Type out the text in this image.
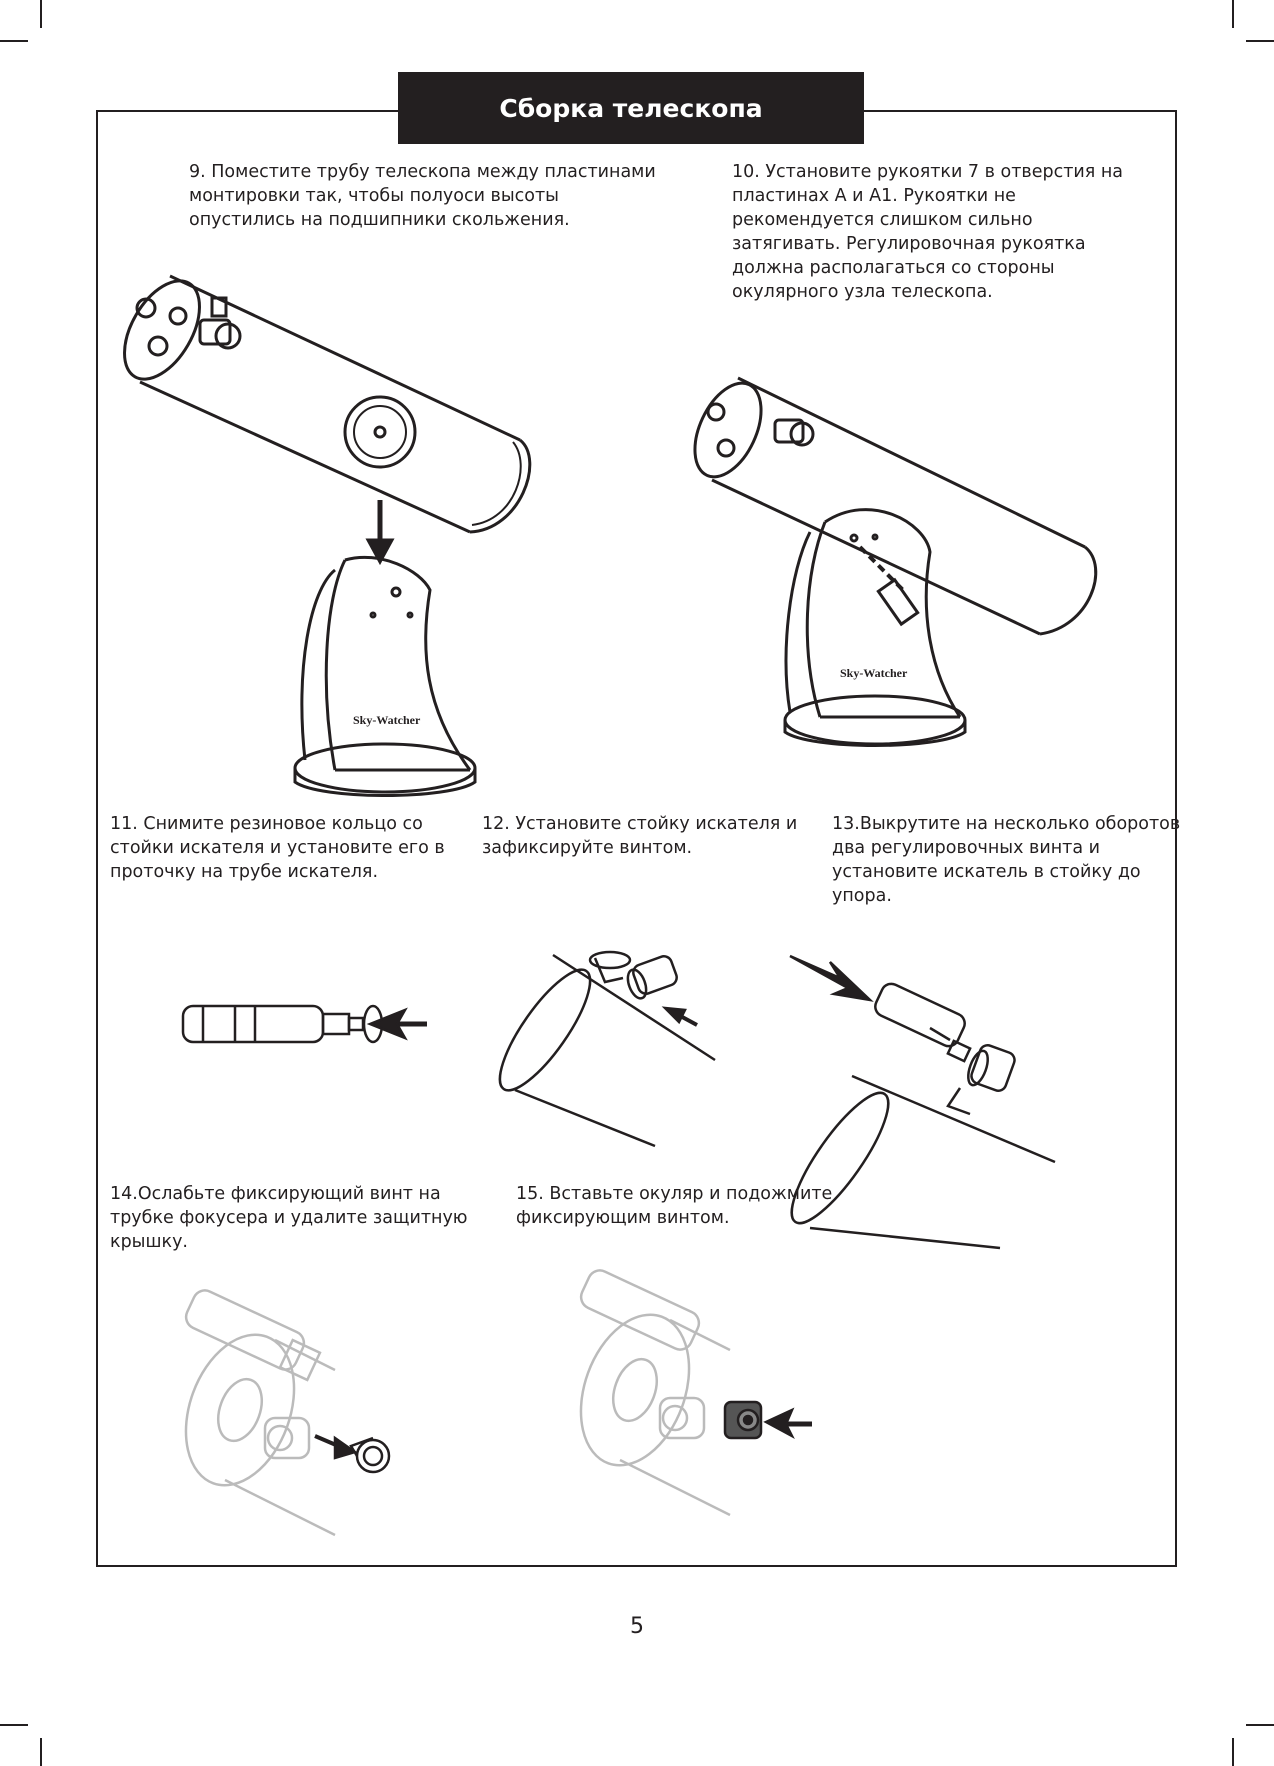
Сборка телескопа
9. Поместите трубу телескопа между пластинами
монтировки так, чтобы полуоси высоты
опустились на подшипники скольжения.
10. Установите рукоятки 7 в отверстия на
пластинах А и А1. Рукоятки не
рекомендуется слишком сильно
затягивать. Регулировочная рукоятка
должна располагаться со стороны
окулярного узла телескопа.
11. Снимите резиновое кольцо со
стойки искателя и установите его в
проточку на трубе искателя.
12. Установите стойку искателя и
зафиксируйте винтом.
13.Выкрутите на несколько оборотов
два регулировочных винта и
установите искатель в стойку до
упора.
14.Ослабьте фиксирующий винт на
трубке фокусера и удалите защитную
крышку.
15. Вставьте окуляр и подожмите
фиксирующим винтом.
Sky-Watcher
Sky-Watcher
5
